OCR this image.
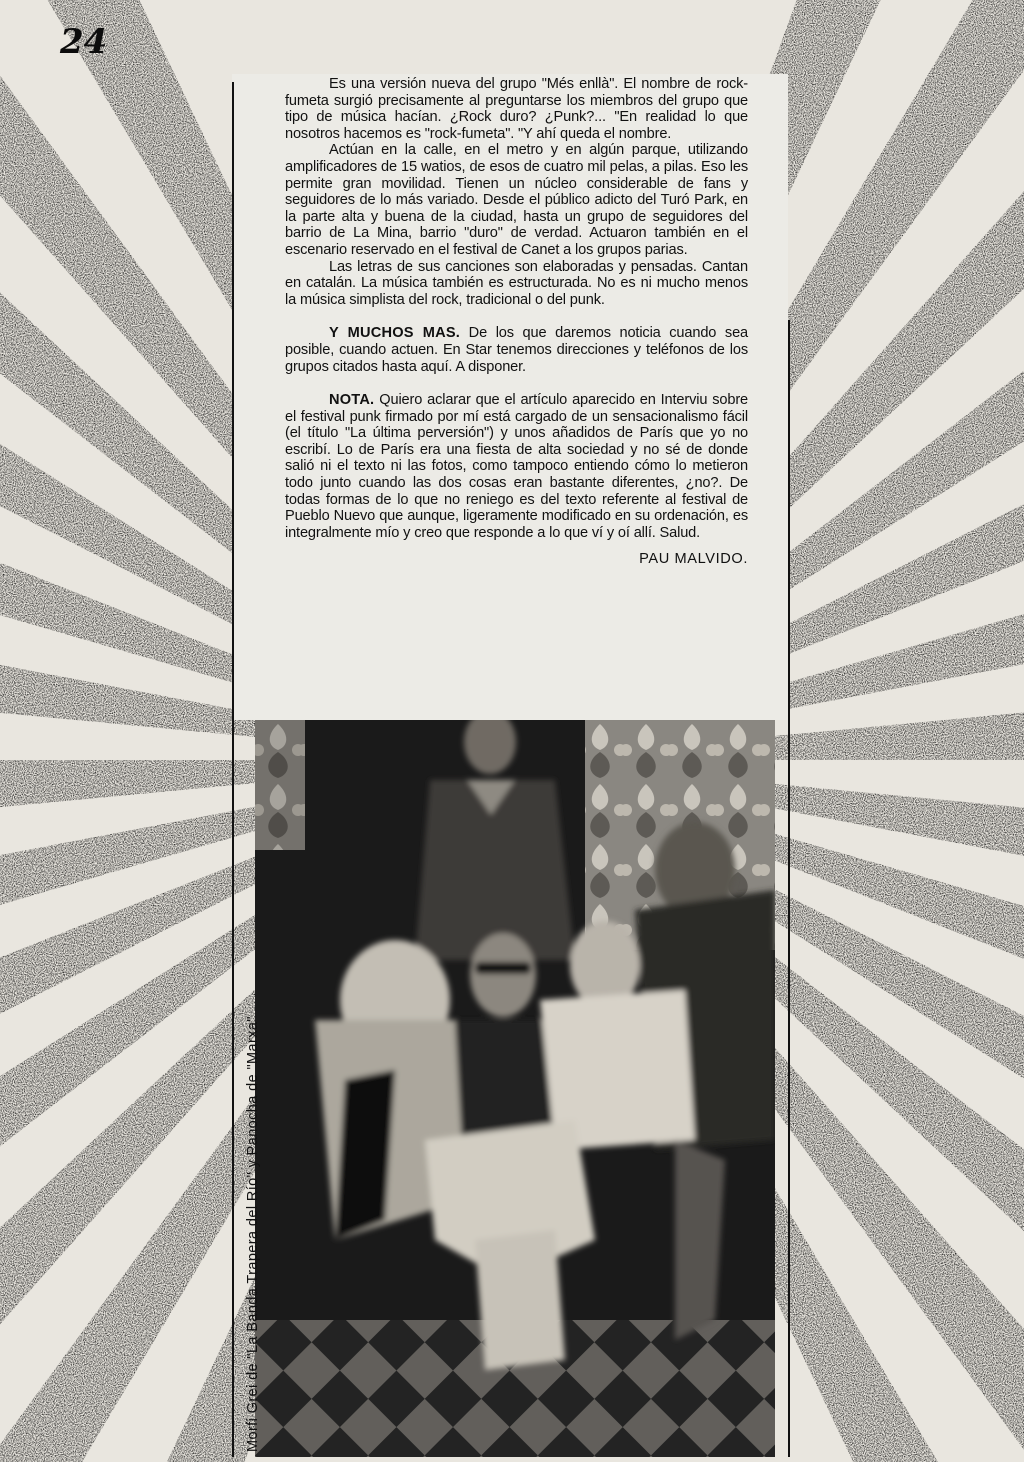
24

Es una versión nueva del grupo "Més enllà". El nombre de rock-fumeta surgió precisamente al preguntarse los miembros del grupo que tipo de música hacían. ¿Rock duro? ¿Punk?... "En realidad lo que nosotros hacemos es "rock-fumeta". "Y ahí queda el nombre.

Actúan en la calle, en el metro y en algún parque, utilizando amplificadores de 15 watios, de esos de cuatro mil pelas, a pilas. Eso les permite gran movilidad. Tienen un núcleo considerable de fans y seguidores de lo más variado. Desde el público adicto del Turó Park, en la parte alta y buena de la ciudad, hasta un grupo de seguidores del barrio de La Mina, barrio "duro" de verdad. Actuaron también en el escenario reservado en el festival de Canet a los grupos parias.

Las letras de sus canciones son elaboradas y pensadas. Cantan en catalán. La música también es estructurada. No es ni mucho menos la música simplista del rock, tradicional o del punk.

Y MUCHOS MAS. De los que daremos noticia cuando sea posible, cuando actuen. En Star tenemos direcciones y teléfonos de los grupos citados hasta aquí. A disponer.

NOTA. Quiero aclarar que el artículo aparecido en Interviu sobre el festival punk firmado por mí está cargado de un sensacionalismo fácil (el título "La última perversión") y unos añadidos de París que yo no escribí. Lo de París era una fiesta de alta sociedad y no sé de donde salió ni el texto ni las fotos, como tampoco entiendo cómo lo metieron todo junto cuando las dos cosas eran bastante diferentes, ¿no?. De todas formas de lo que no reniego es del texto referente al festival de Pueblo Nuevo que aunque, ligeramente modificado en su ordenación, es integralmente mío y creo que responde a lo que ví y oí allí. Salud.

PAU MALVIDO.
Morfi Grei de "La Banda Trapera del Río" y Panocha de "Marxa"
